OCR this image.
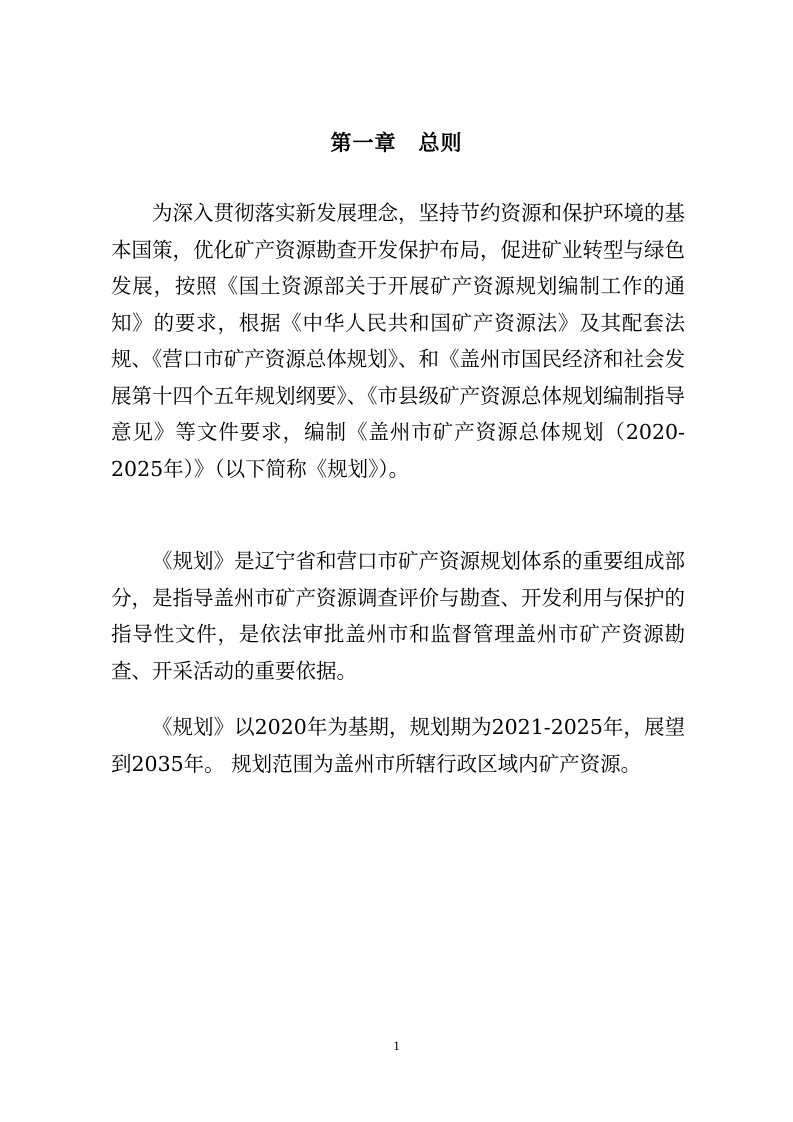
第一章　总则

为深入贯彻落实新发展理念，坚持节约资源和保护环境的基本国策，优化矿产资源勘查开发保护布局，促进矿业转型与绿色发展，按照《国土资源部关于开展矿产资源规划编制工作的通知》的要求，根据《中华人民共和国矿产资源法》及其配套法规、《营口市矿产资源总体规划》、和《盖州市国民经济和社会发展第十四个五年规划纲要》、《市县级矿产资源总体规划编制指导意见》等文件要求，编制《盖州市矿产资源总体规划（2020-2025年）》（以下简称《规划》）。

《规划》是辽宁省和营口市矿产资源规划体系的重要组成部分，是指导盖州市矿产资源调查评价与勘查、开发利用与保护的指导性文件，是依法审批盖州市和监督管理盖州市矿产资源勘查、开采活动的重要依据。

《规划》以2020年为基期，规划期为2021-2025年，展望到2035年。 规划范围为盖州市所辖行政区域内矿产资源。

1
